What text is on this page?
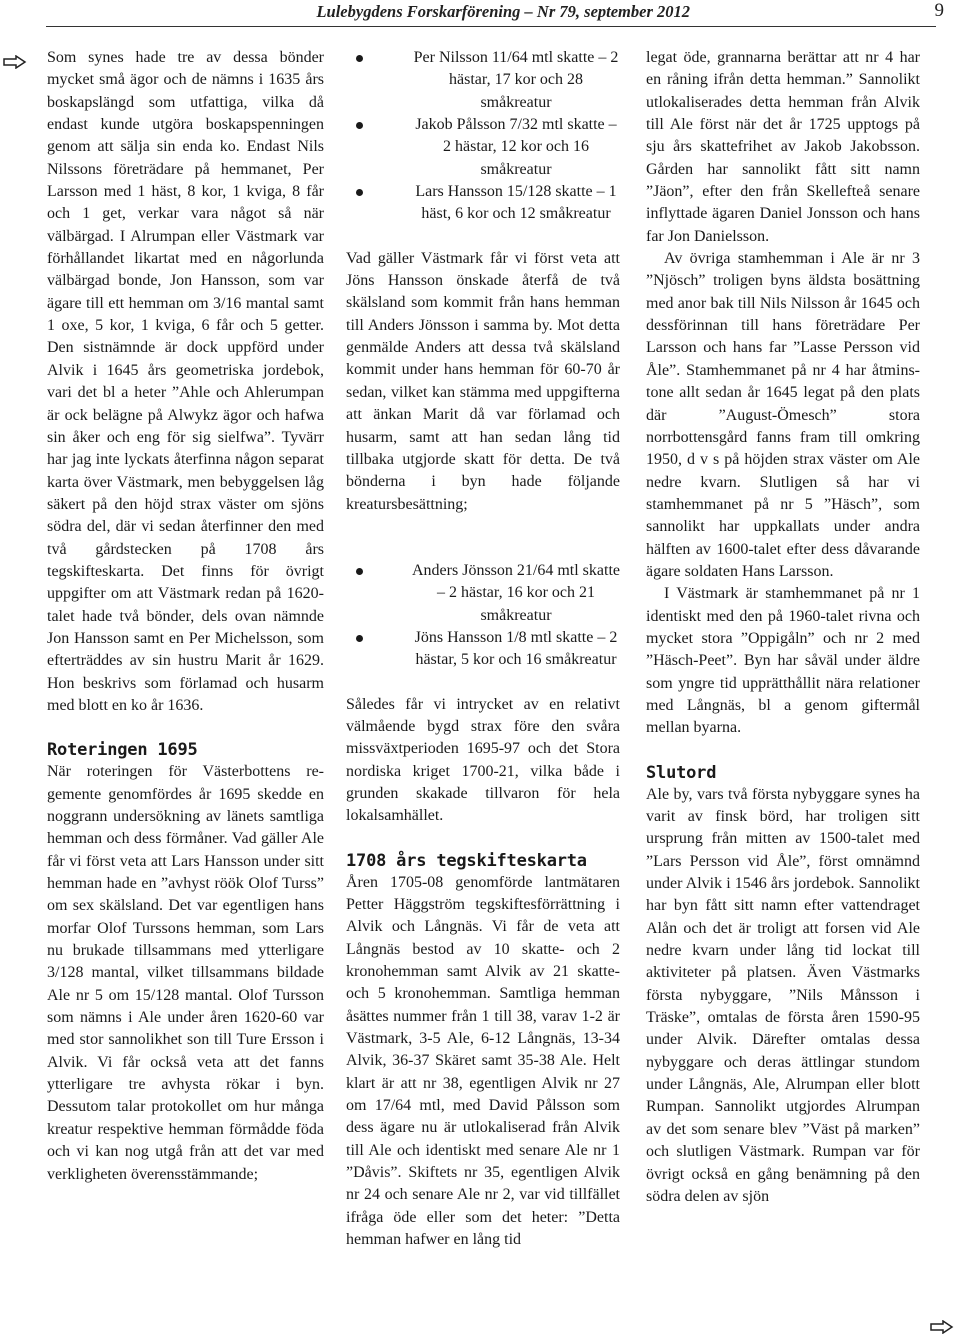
Lulebygdens Forskarförening – Nr 79, september 2012	9

Som synes hade tre av dessa bönder mycket små ägor och de nämns i 1635 års boskapslängd som utfattiga, vilka då endast kunde utgöra boskapspenningen genom att sälja sin enda ko. Endast Nils Nilssons företrädare på hemmanet, Per Larsson med 1 häst, 8 kor, 1 kviga, 8 får och 1 get, verkar vara något så när välbärgad. I Alrumpan eller Västmark var förhållandet likartat med en någorlunda välbärgad bonde, Jon Hansson, som var ägare till ett hemman om 3/16 mantal samt 1 oxe, 5 kor, 1 kviga, 6 får och 5 getter. Den sistnämnde är dock uppförd under Alvik i 1645 års geometriska jordebok, vari det bl a heter ”Ahle och Ahlerumpan är ock belägne på Alwykz ägor och hafwa sin åker och eng för sig sielfwa”. Tyvärr har jag inte lyckats återfinna någon separat karta över Västmark, men bebyggelsen låg säkert på den höjd strax väster om sjöns södra del, där vi sedan återfinner den med två gårdstecken på 1708 års tegskifteskarta. Det finns för övrigt uppgifter om att Västmark redan på 1620-talet hade två bönder, dels ovan nämnde Jon Hansson samt en Per Michelsson, som efterträddes av sin hustru Marit år 1629. Hon beskrivs som förlamad och husarm med blott en ko år 1636.

Roteringen 1695

När roteringen för Västerbottens regemente genomfördes år 1695 skedde en noggrann undersökning av länets samtliga hemman och dess förmåner. Vad gäller Ale får vi först veta att Lars Hansson under sitt hemman hade en ”avhyst röök Olof Turss” om sex skälsland. Det var egentligen hans morfar Olof Turssons hemman, som Lars nu brukade tillsammans med ytterligare 3/128 mantal, vilket tillsammans bildade Ale nr 5 om 15/128 mantal. Olof Tursson som nämns i Ale under åren 1620-60 var med stor sannolikhet son till Ture Ersson i Alvik. Vi får också veta att det fanns ytterligare tre avhysta rökar i byn. Dessutom talar protokollet om hur många kreatur respektive hemman förmådde föda och vi kan nog utgå från att det var med verkligheten överensstämmande;

Per Nilsson 11/64 mtl skatte – 2 hästar, 17 kor och 28 småkreatur
Jakob Pålsson 7/32 mtl skatte – 2 hästar, 12 kor och 16 småkreatur
Lars Hansson 15/128 skatte – 1 häst, 6 kor och 12 småkreatur

Vad gäller Västmark får vi först veta att Jöns Hansson önskade återfå de två skälsland som kommit från hans hemman till Anders Jönsson i samma by. Mot detta genmälde Anders att dessa två skälsland kommit under hans hemman för 60-70 år sedan, vilket kan stämma med uppgifterna att änkan Marit då var förlamad och husarm, samt att han sedan lång tid tillbaka utgjorde skatt för detta. De två bönderna i byn hade följande kreatursbesättning;

Anders Jönsson 21/64 mtl skatte – 2 hästar, 16 kor och 21 småkreatur
Jöns Hansson 1/8 mtl skatte – 2 hästar, 5 kor och 16 småkreatur

Således får vi intrycket av en relativt välmående bygd strax före den svåra missväxtperioden 1695-97 och det Stora nordiska kriget 1700-21, vilka både i grunden skakade tillvaron för hela lokalsamhället.

1708 års tegskifteskarta

Åren 1705-08 genomförde lantmätaren Petter Häggström tegskiftesförrättning i Alvik och Långnäs. Vi får de veta att Långnäs bestod av 10 skatte- och 2 kronohemman samt Alvik av 21 skatte- och 5 kronohemman. Samtliga hemman åsättes nummer från 1 till 38, varav 1-2 är Västmark, 3-5 Ale, 6-12 Långnäs, 13-34 Alvik, 36-37 Skäret samt 35-38 Ale. Helt klart är att nr 38, egentligen Alvik nr 27 om 17/64 mtl, med David Pålsson som dess ägare nu är utlokaliserad från Alvik till Ale och identiskt med senare Ale nr 1 ”Dåvis”. Skiftets nr 35, egentligen Alvik nr 24 och senare Ale nr 2, var vid tillfället ifråga öde eller som det heter: ”Detta hemman hafwer en lång tid

legat öde, grannarna berättar att nr 4 har en råning ifrån detta hemman.” Sannolikt utlokaliserades detta hemman från Alvik till Ale först när det år 1725 upptogs på sju års skattefrihet av Jakob Jakobsson. Gården har sannolikt fått sitt namn ”Jäon”, efter den från Skellefteå senare inflyttade ägaren Daniel Jonsson och hans far Jon Danielsson.

Av övriga stamhemman i Ale är nr 3 ”Njösch” troligen byns äldsta bosättning med anor bak till Nils Nilsson år 1645 och dessförinnan till hans företrädare Per Larsson och hans far ”Lasse Persson vid Åle”. Stamhemmanet på nr 4 har åtminstone allt sedan år 1645 legat på den plats där ”August-Ömesch” stora norrbottensgård fanns fram till omkring 1950, d v s på höjden strax väster om Ale nedre kvarn. Slutligen så har vi stamhemmanet på nr 5 ”Häsch”, som sannolikt har uppkallats under andra hälften av 1600-talet efter dess dåvarande ägare soldaten Hans Larsson.

I Västmark är stamhemmanet på nr 1 identiskt med den på 1960-talet rivna och mycket stora ”Oppigåln” och nr 2 med ”Häsch-Peet”. Byn har såväl under äldre som yngre tid upprätthållit nära relationer med Långnäs, bl a genom giftermål mellan byarna.

Slutord

Ale by, vars två första nybyggare synes ha varit av finsk börd, har troligen sitt ursprung från mitten av 1500-talet med ”Lars Persson vid Åle”, först omnämnd under Alvik i 1546 års jordebok. Sannolikt har byn fått sitt namn efter vattendraget Alån och det är troligt att forsen vid Ale nedre kvarn under lång tid lockat till aktiviteter på platsen. Även Västmarks första nybyggare, ”Nils Månsson i Träske”, omtalas de första åren 1590-95 under Alvik. Därefter omtalas dessa nybyggare och deras ättlingar stundom under Långnäs, Ale, Alrumpan eller blott Rumpan. Sannolikt utgjordes Alrumpan av det som senare blev ”Väst på marken” och slutligen Västmark. Rumpan var för övrigt också en gång benämning på den södra delen av sjön
